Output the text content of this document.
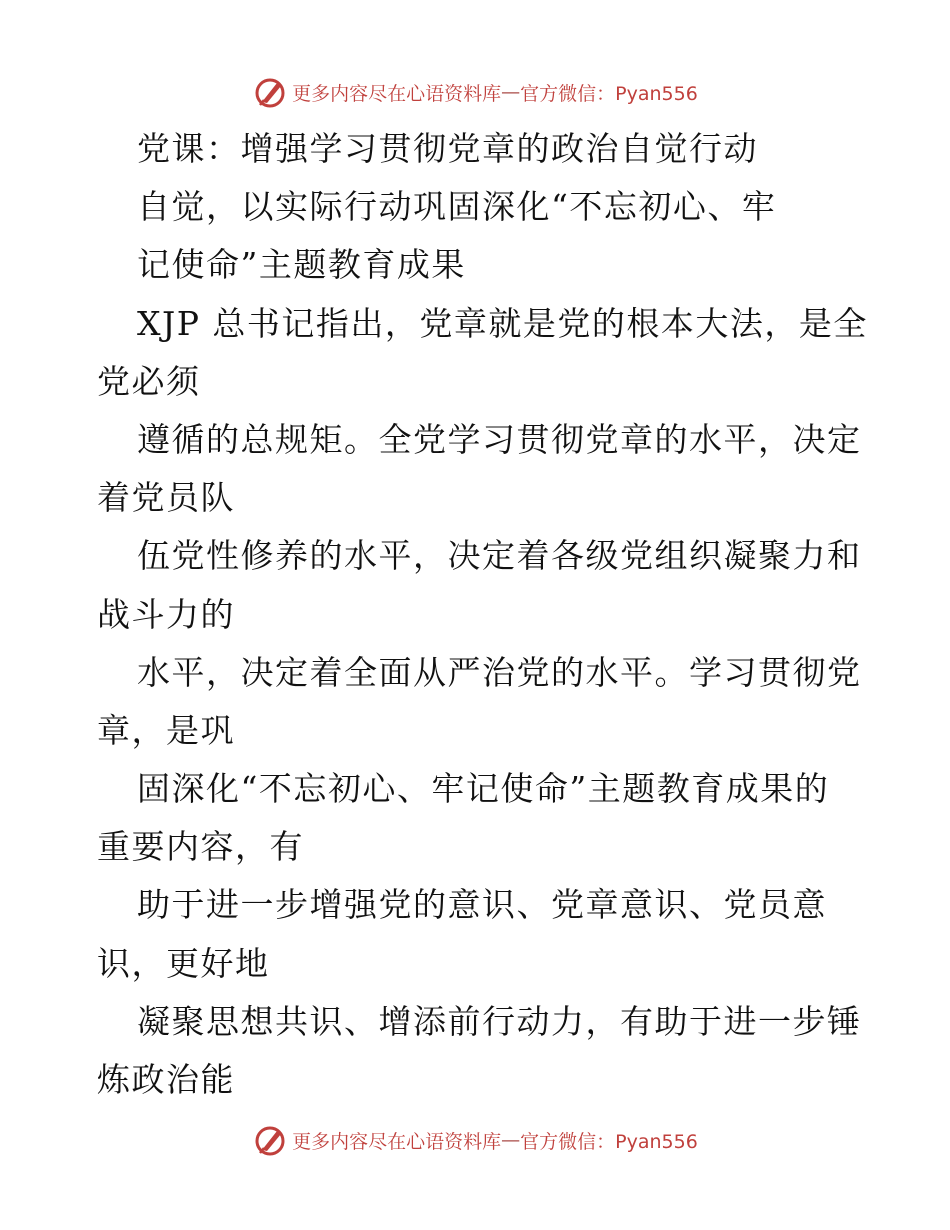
更多内容尽在心语资料库 — 官方微信：Pyan556
党课：增强学习贯彻党章的政治自觉行动
自觉，以实际行动巩固深化“不忘初心、牢
记使命”主题教育成果
XJP 总书记指出，党章就是党的根本大法，是全
党必须
遵循的总规矩。全党学习贯彻党章的水平，决定
着党员队
伍党性修养的水平，决定着各级党组织凝聚力和
战斗力的
水平，决定着全面从严治党的水平。学习贯彻党
章，是巩
固深化“不忘初心、牢记使命”主题教育成果的
重要内容，有
助于进一步增强党的意识、党章意识、党员意
识，更好地
凝聚思想共识、增添前行动力，有助于进一步锤
炼政治能
更多内容尽在心语资料库 — 官方微信：Pyan556
